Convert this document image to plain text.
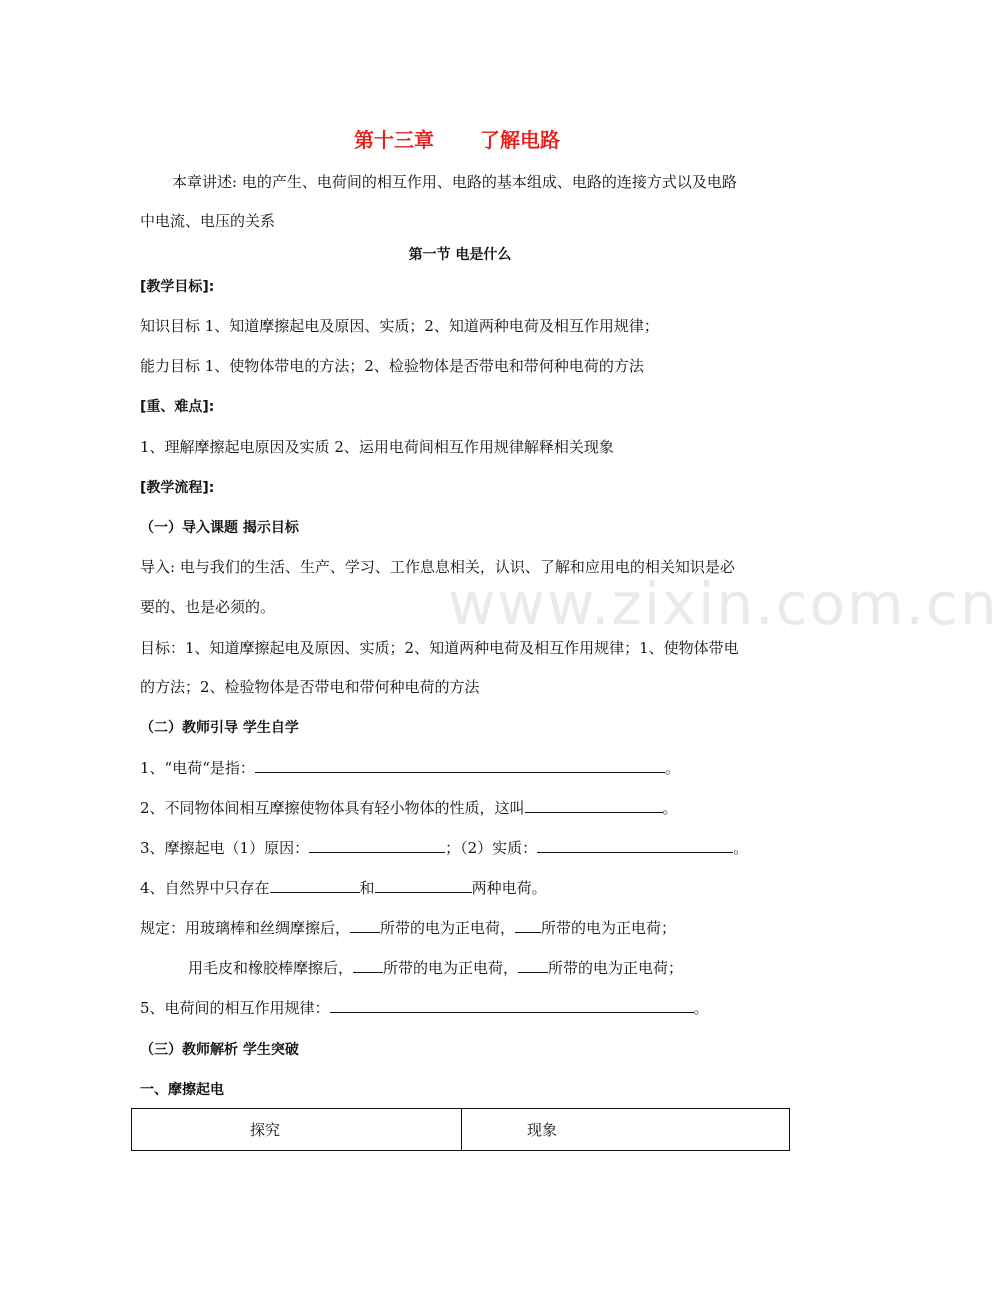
www.zixin.com.cn
第十三章 了解电路
本章讲述: 电的产生、电荷间的相互作用、电路的基本组成、电路的连接方式以及电路
中电流、电压的关系
第一节 电是什么
[教学目标]:
知识目标 1、知道摩擦起电及原因、实质；2、知道两种电荷及相互作用规律；
能力目标 1、使物体带电的方法；2、检验物体是否带电和带何种电荷的方法
[重、难点]:
1、理解摩擦起电原因及实质 2、运用电荷间相互作用规律解释相关现象
[教学流程]:
（一）导入课题 揭示目标
导入: 电与我们的生活、生产、学习、工作息息相关，认识、了解和应用电的相关知识是必
要的、也是必须的。
目标：1、知道摩擦起电及原因、实质；2、知道两种电荷及相互作用规律；1、使物体带电
的方法；2、检验物体是否带电和带何种电荷的方法
（二）教师引导 学生自学
1、“电荷“是指：	。
2、不同物体间相互摩擦使物体具有轻小物体的性质，这叫	。
3、摩擦起电（1）原因：	；（2）实质：	。
4、自然界中只存在	和	两种电荷。
规定：用玻璃棒和丝绸摩擦后， 所带的电为正电荷， 所带的电为正电荷；
用毛皮和橡胶棒摩擦后， 所带的电为正电荷， 所带的电为正电荷；
5、电荷间的相互作用规律：	。
（三）教师解析 学生突破
一、摩擦起电
探究	现象
